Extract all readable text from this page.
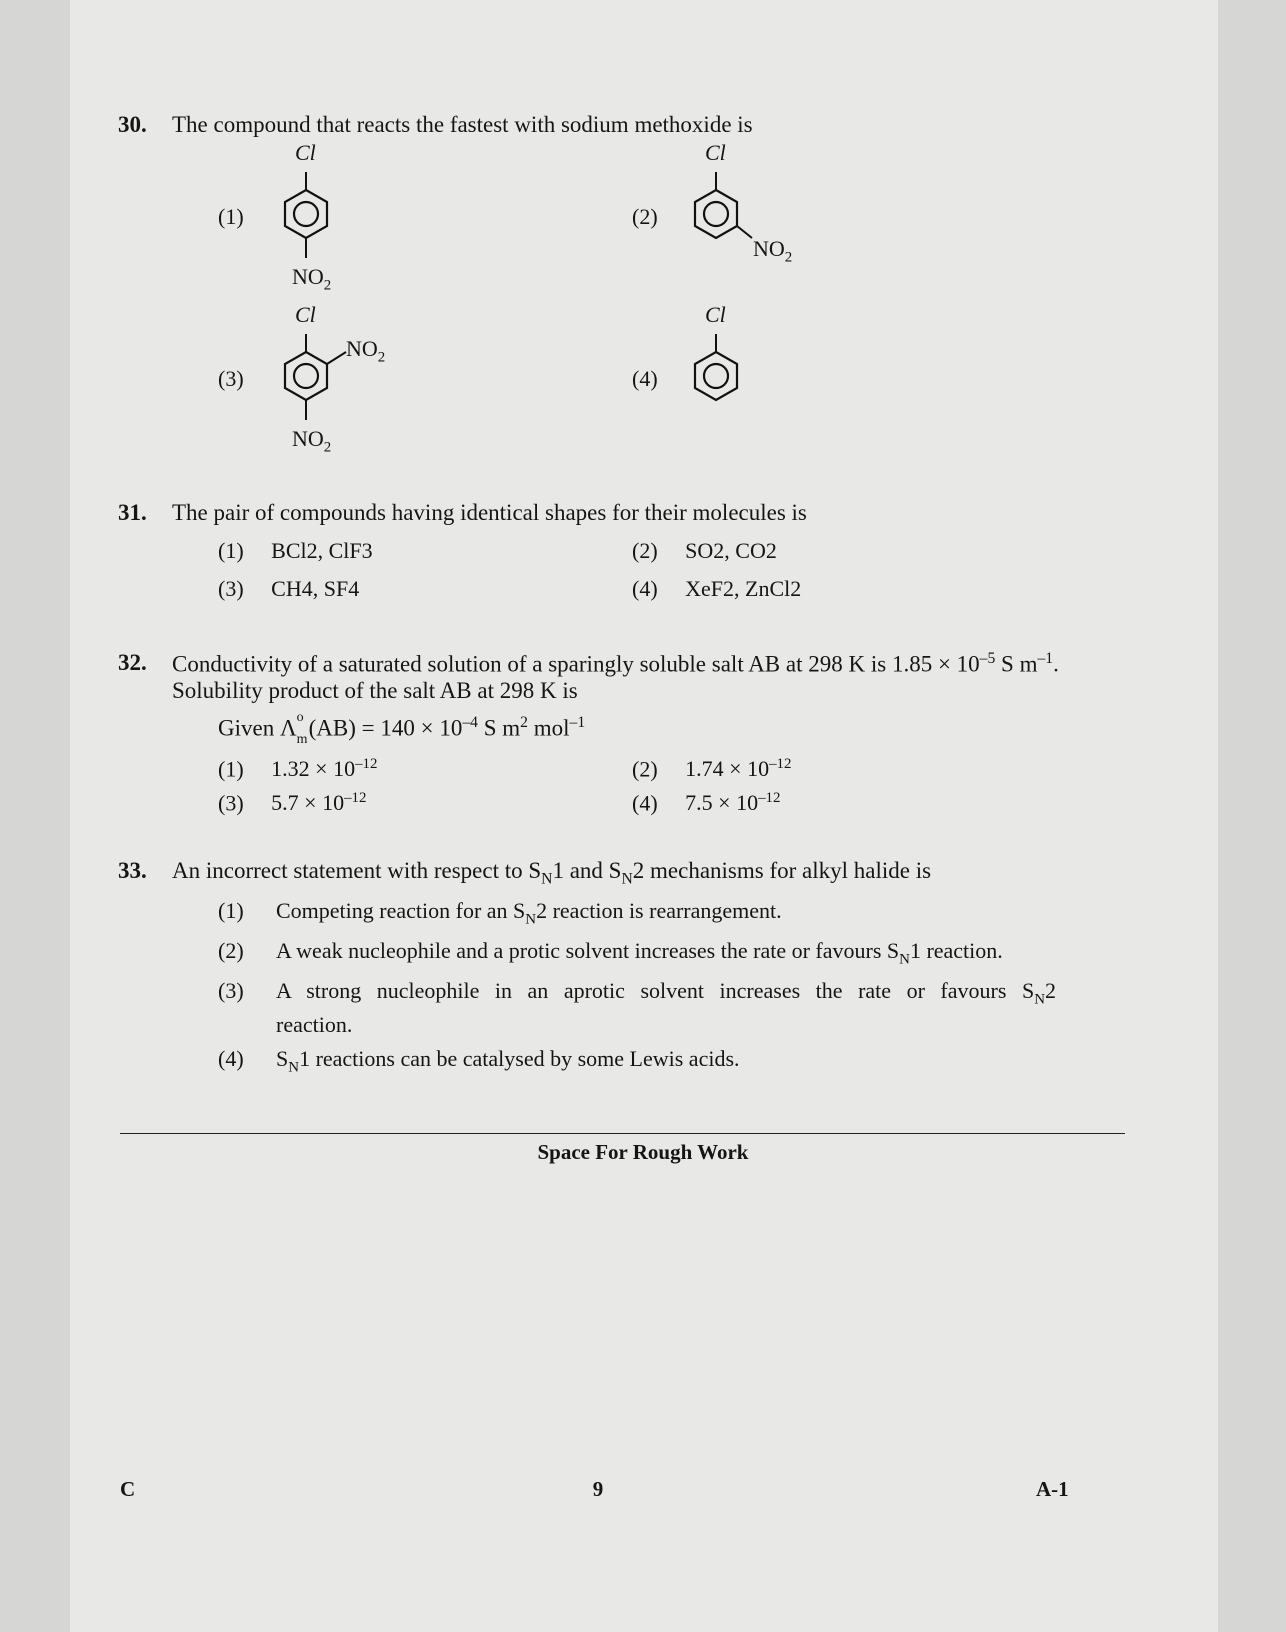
30. The compound that reacts the fastest with sodium methoxide is
(1)
Cl
$NO_2$
(2)
Cl
$NO_2$
(3)
Cl
$NO_2$
$NO_2$
(4)
Cl
31. The pair of compounds having identical shapes for their molecules is
(1) BCl2, ClF3	(2) SO2, CO2
(3) CH4, SF4	(4) XeF2, ZnCl2
32. Conductivity of a saturated solution of a sparingly soluble salt AB at 298 K is $1.85 \times 10^{-5}$ S $m^{-1}$.
Solubility product of the salt AB at 298 K is
Given Λ o
m $(AB) = 140 \times 10^{-4}$ S $m^2$ mol$^{-1}$
(1) $1.32 \times 10^{-12}$	(2) $1.74 \times 10^{-12}$
(3) $5.7 \times 10^{-12}$	(4) $7.5 \times 10^{-12}$
33. An incorrect statement with respect to $S_N1$ and $S_N2$ mechanisms for alkyl halide is
(1) Competing reaction for an $S_N2$ reaction is rearrangement.
(2) A weak nucleophile and a protic solvent increases the rate or favours $S_N1$ reaction.
(3) A strong nucleophile in an aprotic solvent increases the rate or favours $S_N2$
reaction.
(4) $S_N1$ reactions can be catalysed by some Lewis acids.
Space For Rough Work
C	9	A-1
